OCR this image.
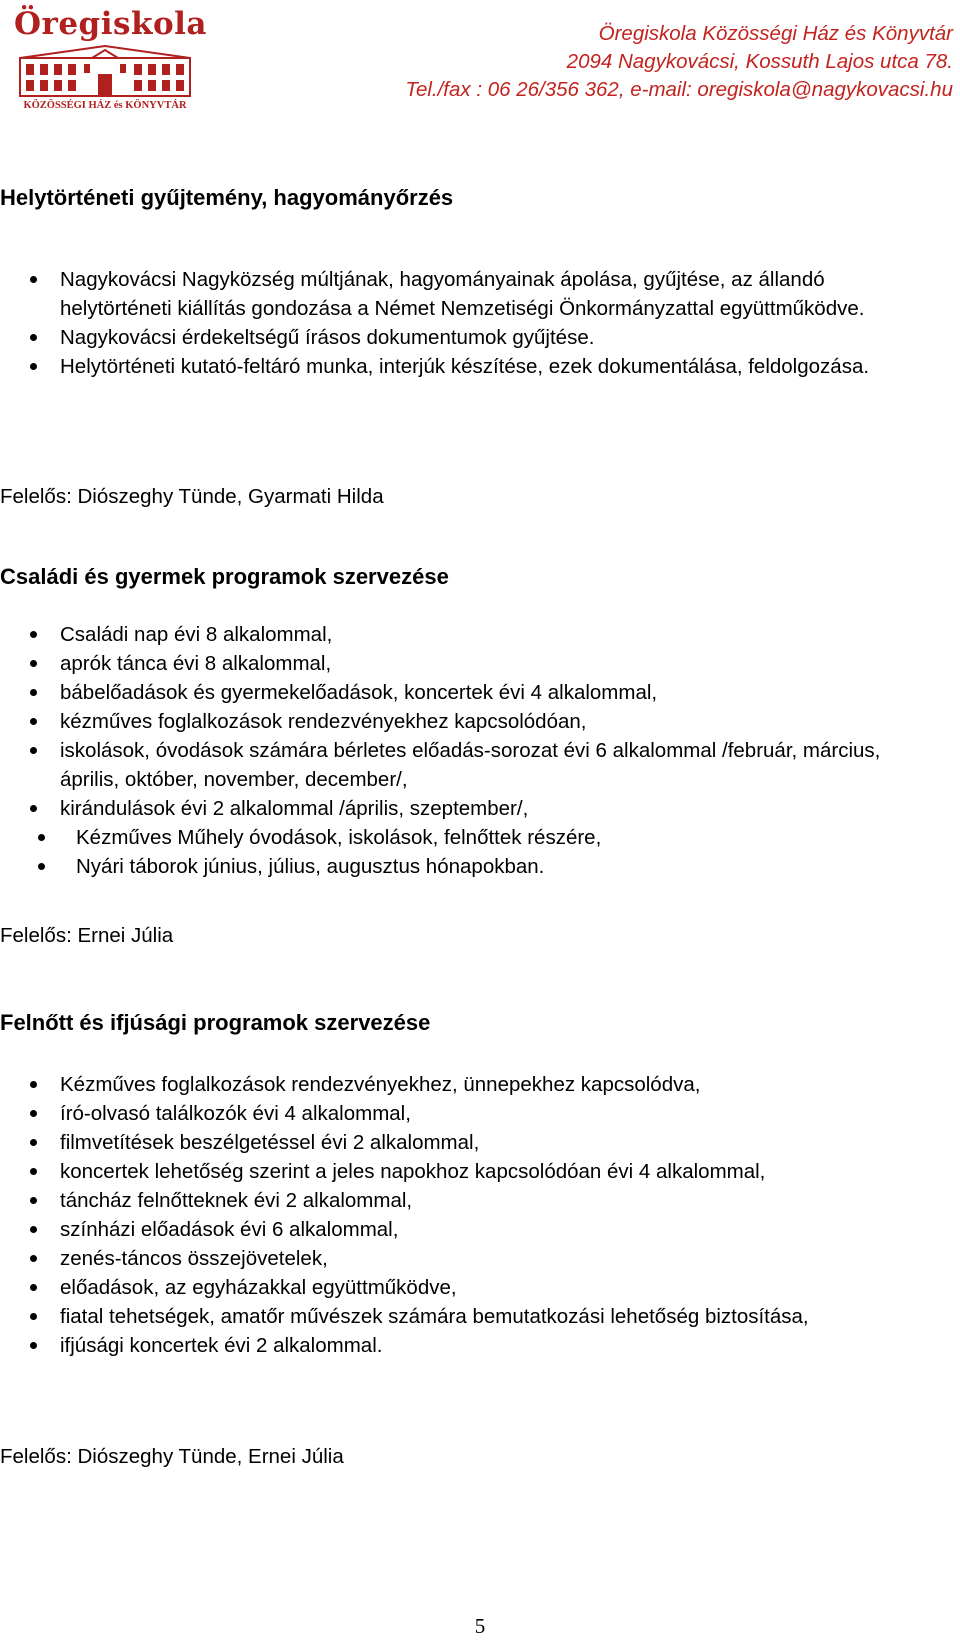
Öregiskola
KÖZÖSSÉGI HÁZ és KÖNYVTÁR
Öregiskola Közösségi Ház és Könyvtár
2094 Nagykovácsi, Kossuth Lajos utca 78.
Tel./fax : 06 26/356 362, e-mail: oregiskola@nagykovacsi.hu
Helytörténeti gyűjtemény, hagyományőrzés
Nagykovácsi Nagyközség múltjának, hagyományainak ápolása, gyűjtése, az állandó helytörténeti kiállítás gondozása a Német Nemzetiségi Önkormányzattal együttműködve.
Nagykovácsi érdekeltségű írásos dokumentumok gyűjtése.
Helytörténeti kutató-feltáró munka, interjúk készítése, ezek dokumentálása, feldolgozása.
Felelős: Diószeghy Tünde, Gyarmati Hilda
Családi és gyermek programok szervezése
Családi nap évi 8 alkalommal,
aprók tánca évi 8 alkalommal,
bábelőadások és gyermekelőadások, koncertek évi 4 alkalommal,
kézműves foglalkozások rendezvényekhez kapcsolódóan,
iskolások, óvodások számára bérletes előadás-sorozat évi 6 alkalommal /február, március, április, október, november, december/,
kirándulások évi 2 alkalommal /április, szeptember/,
Kézműves Műhely óvodások, iskolások, felnőttek részére,
Nyári táborok június, július, augusztus hónapokban.
Felelős: Ernei Júlia
Felnőtt és ifjúsági programok szervezése
Kézműves foglalkozások rendezvényekhez, ünnepekhez kapcsolódva,
író-olvasó találkozók évi 4 alkalommal,
filmvetítések beszélgetéssel évi 2 alkalommal,
koncertek lehetőség szerint a jeles napokhoz kapcsolódóan évi 4 alkalommal,
táncház felnőtteknek évi 2 alkalommal,
színházi előadások évi 6 alkalommal,
zenés-táncos összejövetelek,
előadások, az egyházakkal együttműködve,
fiatal tehetségek, amatőr művészek számára bemutatkozási lehetőség biztosítása,
ifjúsági koncertek évi 2 alkalommal.
Felelős: Diószeghy Tünde, Ernei Júlia
5
